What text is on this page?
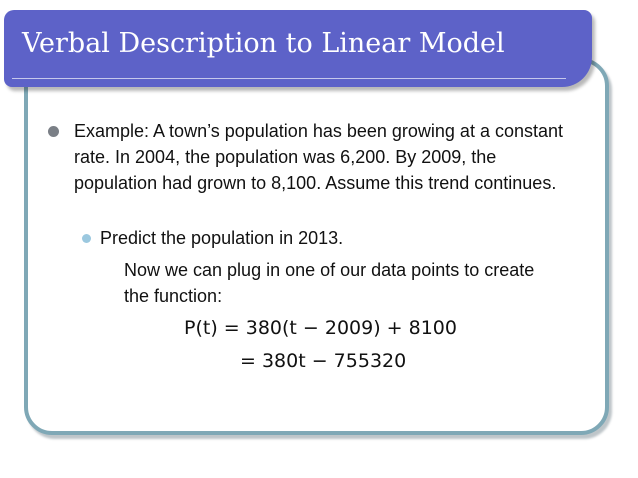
Verbal Description to Linear Model
Example: A town’s population has been growing at a constant rate. In 2004, the population was 6,200. By 2009, the population had grown to 8,100. Assume this trend continues.
Predict the population in 2013.
Now we can plug in one of our data points to create the function:
P(t) = 380(t − 2009) + 8100
= 380t − 755320
